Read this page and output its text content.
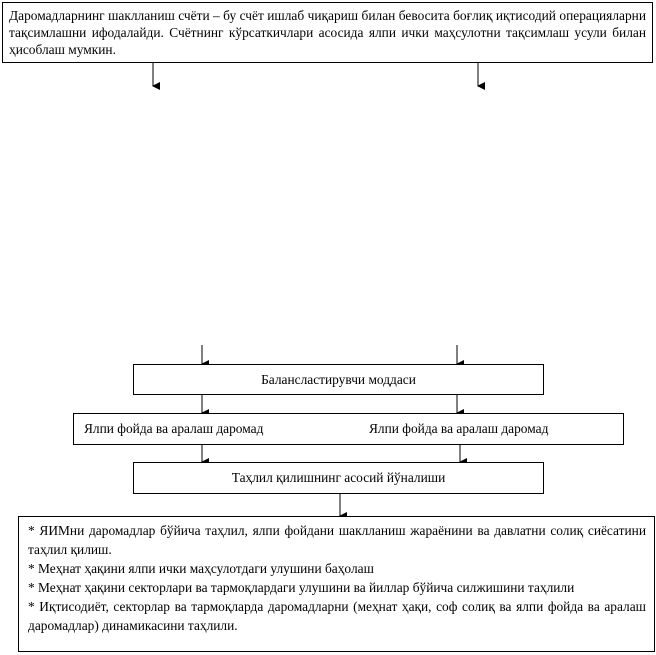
Даромадларнинг шаклланиш счёти – бу счёт ишлаб чиқариш билан бевосита боғлиқ иқтисодий операцияларни тақсимлашни ифодалайди. Счётнинг кўрсаткичлари асосида ялпи ички маҳсулотни тақсимлаш усули билан ҳисоблаш мумкин.
Балансластирувчи моддаси
Ялпи фойда ва аралаш даромад	Ялпи фойда ва аралаш даромад
Таҳлил қилишнинг асосий йўналиши

* ЯИМни даромадлар бўйича таҳлил, ялпи фойдани шаклланиш жараёнини ва давлатни солиқ сиёсатини таҳлил қилиш.

* Меҳнат ҳақини ялпи ички маҳсулотдаги улушини баҳолаш

* Меҳнат ҳақини секторлари ва тармоқлардаги улушини ва йиллар бўйича силжишини таҳлили

* Иқтисодиёт, секторлар ва тармоқларда даромадларни (меҳнат ҳақи, соф солиқ ва ялпи фойда ва аралаш даромадлар) динамикасини таҳлили.
